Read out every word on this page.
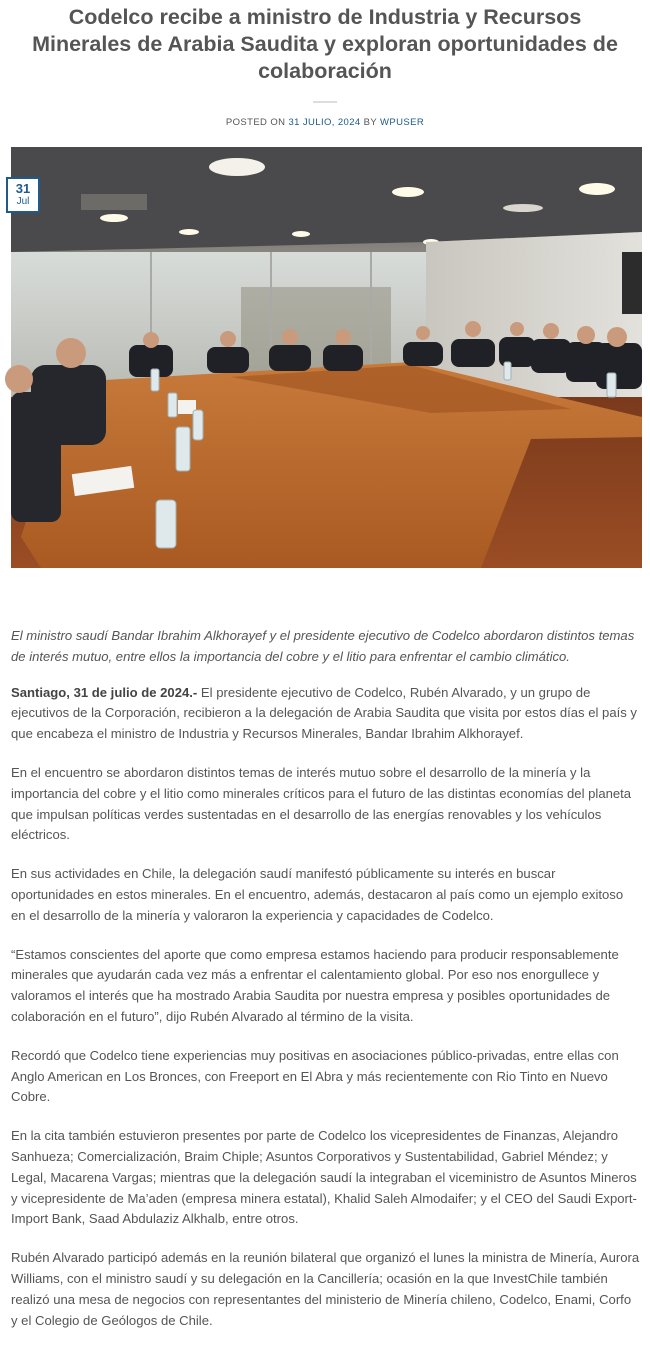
Codelco recibe a ministro de Industria y Recursos Minerales de Arabia Saudita y exploran oportunidades de colaboración
POSTED ON 31 JULIO, 2024 BY WPUSER
31
Jul

El ministro saudí Bandar Ibrahim Alkhorayef y el presidente ejecutivo de Codelco abordaron distintos temas de interés mutuo, entre ellos la importancia del cobre y el litio para enfrentar el cambio climático.

Santiago, 31 de julio de 2024.- El presidente ejecutivo de Codelco, Rubén Alvarado, y un grupo de ejecutivos de la Corporación, recibieron a la delegación de Arabia Saudita que visita por estos días el país y que encabeza el ministro de Industria y Recursos Minerales, Bandar Ibrahim Alkhorayef.

En el encuentro se abordaron distintos temas de interés mutuo sobre el desarrollo de la minería y la importancia del cobre y el litio como minerales críticos para el futuro de las distintas economías del planeta que impulsan políticas verdes sustentadas en el desarrollo de las energías renovables y los vehículos eléctricos.

En sus actividades en Chile, la delegación saudí manifestó públicamente su interés en buscar oportunidades en estos minerales. En el encuentro, además, destacaron al país como un ejemplo exitoso en el desarrollo de la minería y valoraron la experiencia y capacidades de Codelco.

“Estamos conscientes del aporte que como empresa estamos haciendo para producir responsablemente minerales que ayudarán cada vez más a enfrentar el calentamiento global. Por eso nos enorgullece y valoramos el interés que ha mostrado Arabia Saudita por nuestra empresa y posibles oportunidades de colaboración en el futuro”, dijo Rubén Alvarado al término de la visita.

Recordó que Codelco tiene experiencias muy positivas en asociaciones público-privadas, entre ellas con Anglo American en Los Bronces, con Freeport en El Abra y más recientemente con Rio Tinto en Nuevo Cobre.

En la cita también estuvieron presentes por parte de Codelco los vicepresidentes de Finanzas, Alejandro Sanhueza; Comercialización, Braim Chiple; Asuntos Corporativos y Sustentabilidad, Gabriel Méndez; y Legal, Macarena Vargas; mientras que la delegación saudí la integraban el viceministro de Asuntos Mineros y vicepresidente de Ma’aden (empresa minera estatal), Khalid Saleh Almodaifer; y el CEO del Saudi Export-Import Bank, Saad Abdulaziz Alkhalb, entre otros.

Rubén Alvarado participó además en la reunión bilateral que organizó el lunes la ministra de Minería, Aurora Williams, con el ministro saudí y su delegación en la Cancillería; ocasión en la que InvestChile también realizó una mesa de negocios con representantes del ministerio de Minería chileno, Codelco, Enami, Corfo y el Colegio de Geólogos de Chile.
